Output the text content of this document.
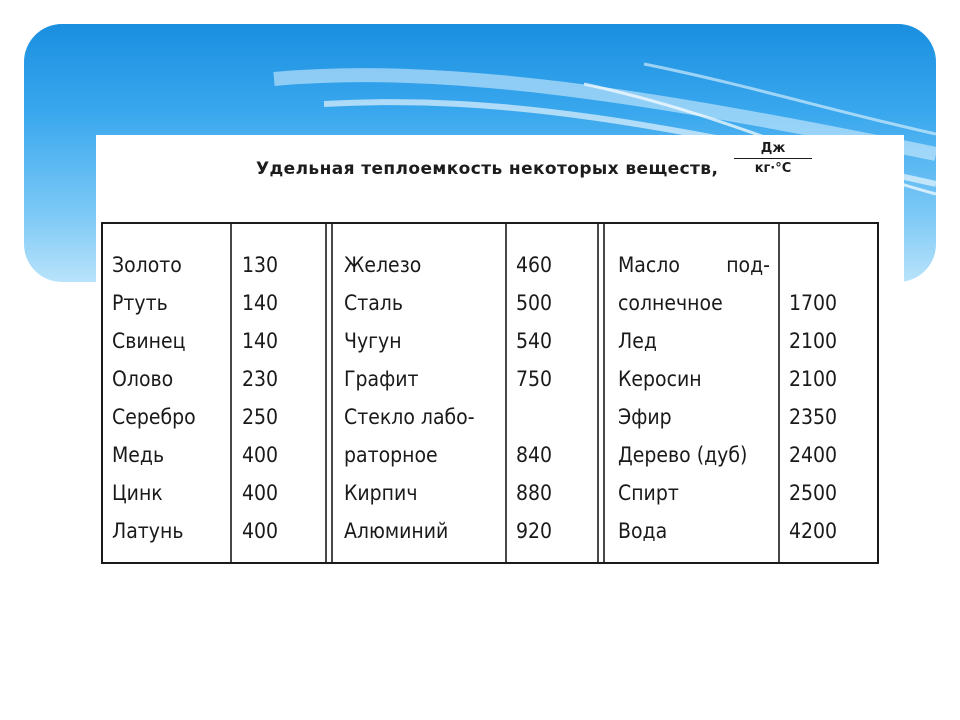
Удельная теплоемкость некоторых веществ,
Дж
кг·°С
Золото	130
Ртуть	140
Свинец	140
Олово	230
Серебро 250
Медь	400
Цинк	400
Латунь	400
Железо	460
Сталь	500
Чугун	540
Графит	750
Стекло лабо-
раторное	840
Кирпич	880
Алюминий	920
Масло под-
солнечное	1700
Лед	2100
Керосин	2100
Эфир	2350
Дерево (дуб) 2400
Спирт	2500
Вода	4200
